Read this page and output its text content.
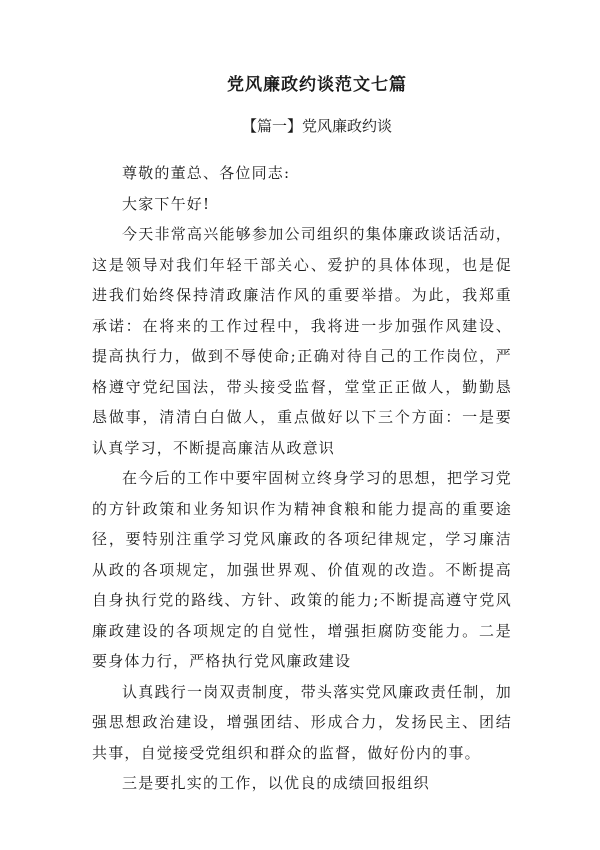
党风廉政约谈范文七篇
【篇一】党风廉政约谈

尊敬的董总、各位同志:

大家下午好!

今天非常高兴能够参加公司组织的集体廉政谈话活动，这是领导对我们年轻干部关心、爱护的具体体现，也是促进我们始终保持清政廉洁作风的重要举措。为此，我郑重承诺：在将来的工作过程中，我将进一步加强作风建设、提高执行力，做到不辱使命;正确对待自己的工作岗位，严格遵守党纪国法，带头接受监督，堂堂正正做人，勤勤恳恳做事，清清白白做人，重点做好以下三个方面：一是要认真学习，不断提高廉洁从政意识

在今后的工作中要牢固树立终身学习的思想，把学习党的方针政策和业务知识作为精神食粮和能力提高的重要途径，要特别注重学习党风廉政的各项纪律规定，学习廉洁从政的各项规定，加强世界观、价值观的改造。不断提高自身执行党的路线、方针、政策的能力;不断提高遵守党风廉政建设的各项规定的自觉性，增强拒腐防变能力。二是要身体力行，严格执行党风廉政建设

认真践行一岗双责制度，带头落实党风廉政责任制，加强思想政治建设，增强团结、形成合力，发扬民主、团结共事，自觉接受党组织和群众的监督，做好份内的事。

三是要扎实的工作，以优良的成绩回报组织
